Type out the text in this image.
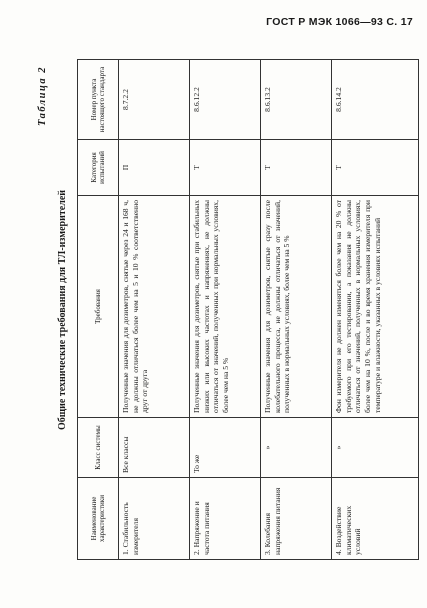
ГОСТ Р МЭК 1066—93 С. 17
Таблица 2
Общие технические требования для ТЛ-измерителей
Наименование характеристики	Класс системы	Требования	Категория испытаний	Номер пункта настоящего стандарта
1. Стабильность измерителя	Все классы	Полученные значения для дозиметров, снятые через 24 и 168 ч, не должны отличаться более чем на 5 и 10 % соответственно друг от друга	П	8.7.2.2
2. Напряжение и частота питания	То же	Полученные значения для дозиметров, снятые при стабильных низких или высоких частотах и напряжениях, не должны отличаться от значений, полученных при нормальных условиях, более чем на 5 %	Т	8.6.12.2
3. Колебания напряжения питания	»	Полученные значения для дозиметров, снятые сразу после колебательного процесса, не должны отличаться от значений, полученных в нормальных условиях, более чем на 5 %	Т	8.6.13.2
4. Воздействие климатических условий	»	Фон измерителя не должен изменяться более чем на 20 % от требуемого при его тестировании, а показания не должны отличаться от значений, полученных в нормальных условиях, более чем на 10 %, после и во время хранения измерителя при температуре и влажности, указанных в условиях испытаний	Т	8.6.14.2
